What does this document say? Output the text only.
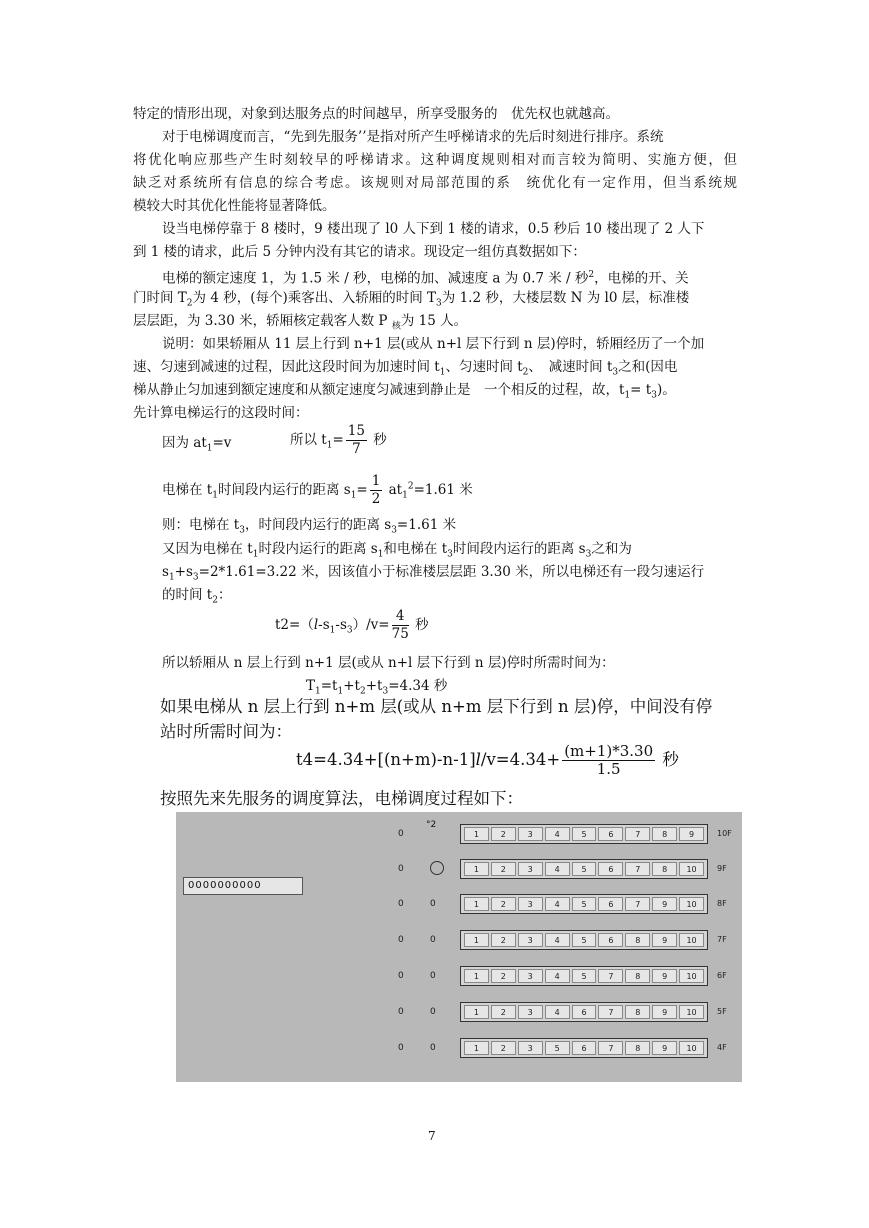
特定的情形出现，对象到达服务点的时间越早，所享受服务的　优先权也就越高。
对于电梯调度而言，“先到先服务’’是指对所产生呼梯请求的先后时刻进行排序。系统
将优化响应那些产生时刻较早的呼梯请求。这种调度规则相对而言较为简明、实施方便，但
缺乏对系统所有信息的综合考虑。该规则对局部范围的系　统优化有一定作用，但当系统规
模较大时其优化性能将显著降低。
设当电梯停靠于 8 楼时，9 楼出现了 l0 人下到 1 楼的请求，0.5 秒后 10 楼出现了 2 人下
到 1 楼的请求，此后 5 分钟内没有其它的请求。现设定一组仿真数据如下：
电梯的额定速度 1，为 1.5 米 / 秒，电梯的加、减速度 a 为 0.7 米 / 秒$^2$，电梯的开、关
门时间 $T_2$为 4 秒，(每个)乘客出、入轿厢的时间 $T_3$为 1.2 秒，大楼层数 N 为 l0 层，标准楼
层层距，为 3.30 米，轿厢核定载客人数 P $_核$为 15 人。
说明：如果轿厢从 11 层上行到 n+1 层(或从 n+l 层下行到 n 层)停时，轿厢经历了一个加
速、匀速到减速的过程，因此这段时间为加速时间 $t_1$、匀速时间 $t_2$、　减速时间 $t_3$之和(因电
梯从静止匀加速到额定速度和从额定速度匀减速到静止是　一个相反的过程，故，$t_1= t_3$)。
先计算电梯运行的这段时间：
因为 $at_1=v$	所以 $t_1= \frac{15}{7}$ 秒
电梯在 $t_1$时间段内运行的距离 $s_1= \frac{1}{2} at_1^2=1.61$ 米
则：电梯在 $t_3$，时间段内运行的距离 $s_3=1.61$ 米
又因为电梯在 $t_1$时段内运行的距离 $s_1$和电梯在 $t_3$时间段内运行的距离 $s_3$之和为
$s_1+s_3=2*1.61=3.22$ 米，因该值小于标准楼层层距 3.30 米，所以电梯还有一段匀速运行
的时间 $t_2$：
$t2=(l-s_1-s_3)/v= \frac{4}{75}$ 秒
所以轿厢从 n 层上行到 n+1 层(或从 n+l 层下行到 n 层)停时所需时间为：
$T_1=t_1+t_2+t_3=4.34$ 秒
如果电梯从 n 层上行到 n+m 层(或从 n+m 层下行到 n 层)停，中间没有停
站时所需时间为：
$t4=4.34+[(n+m)-n-1]l/v=4.34+ \frac{(m+1)*3.30}{1.5}$ 秒
按照先来先服务的调度算法，电梯调度过程如下：
0000000000
°2
0	1	2	3	4	5	6	7	8	9	10F
0	1	2	3	4	5	6	7	8	10	9F
0	0	1	2	3	4	5	6	7	9	10	8F
0	0	1	2	3	4	5	6	8	9	10	7F
0	0	1	2	3	4	5	7	8	9	10	6F
0	0	1	2	3	4	6	7	8	9	10	5F
0	0	1	2	3	5	6	7	8	9	10	4F
7
